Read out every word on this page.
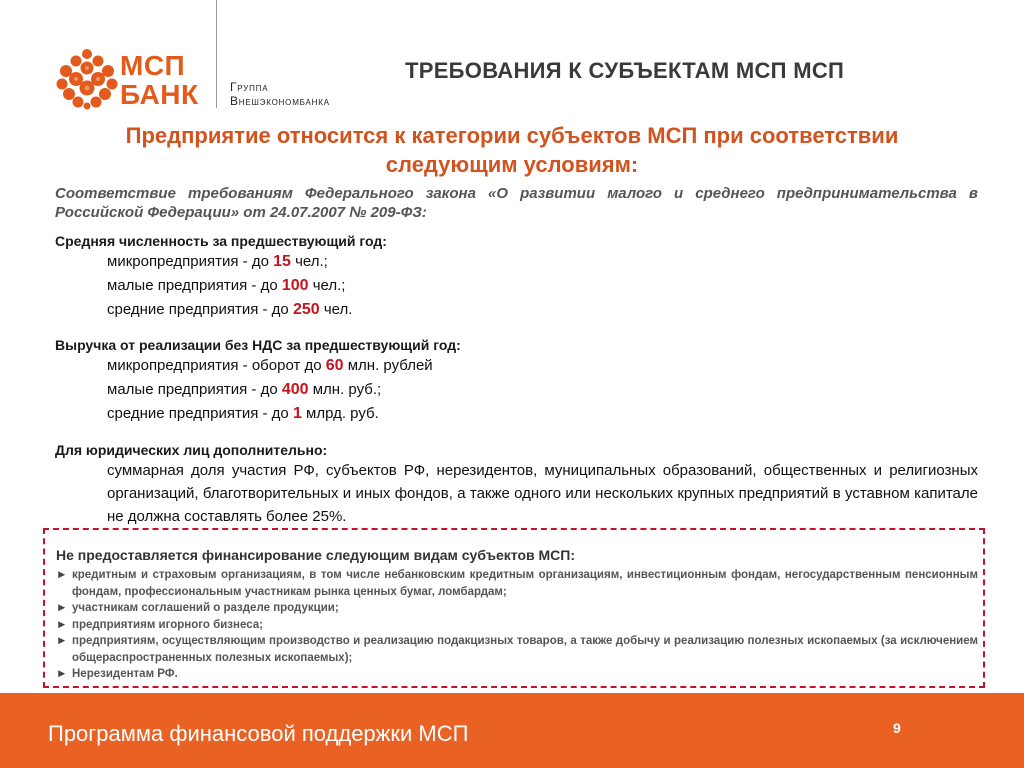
МСП
БАНК	Группа
Внешэкономбанка
ТРЕБОВАНИЯ К СУБЪЕКТАМ МСП МСП
Предприятие относится к категории субъектов МСП при соответствии
следующим условиям:
Соответствие требованиям Федерального закона «О развитии малого и среднего предпринимательства в Российской Федерации» от 24.07.2007 № 209-ФЗ:
Средняя численность за предшествующий год:
микропредприятия - до 15 чел.;
малые предприятия - до 100 чел.;
средние предприятия - до 250 чел.
Выручка от реализации без НДС за предшествующий год:
микропредприятия - оборот до 60 млн. рублей
малые предприятия - до 400 млн. руб.;
средние предприятия - до 1 млрд. руб.
Для юридических лиц дополнительно:
суммарная доля участия РФ, субъектов РФ, нерезидентов, муниципальных образований, общественных и религиозных организаций, благотворительных и иных фондов, а также одного или нескольких крупных предприятий в уставном капитале не должна составлять более 25%.
Не предоставляется финансирование следующим видам субъектов МСП:
► кредитным и страховым организациям, в том числе небанковским кредитным организациям, инвестиционным фондам, негосударственным пенсионным фондам, профессиональным участникам рынка ценных бумаг, ломбардам;
► участникам соглашений о разделе продукции;
► предприятиям игорного бизнеса;
► предприятиям, осуществляющим производство и реализацию подакцизных товаров, а также добычу и реализацию полезных ископаемых (за исключением общераспространенных полезных ископаемых);
► Нерезидентам РФ.
Программа финансовой поддержки МСП	9
